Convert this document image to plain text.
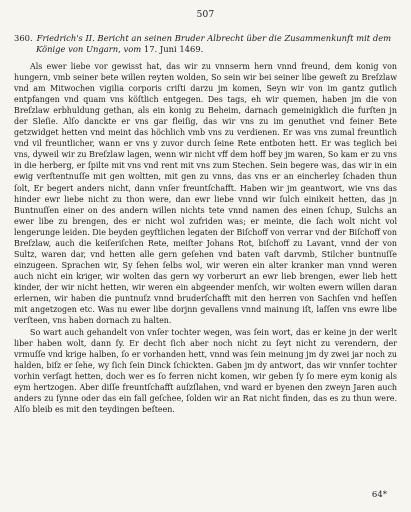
507
360. Friedrich's II. Bericht an seinen Bruder Albrecht über die Zusammenkunft mit dem
Könige von Ungarn, vom 17. Juni 1469.

Als ewer liebe vor gewisst hat, das wir zu vnnserm hern vnnd freund, dem konig von hungern, vmb seiner bete willen reyten wolden, So sein wir bei seiner libe geweſt zu Breſzlaw vnd am Mitwochen vigilia corporis criſti darzu jm komen, Seyn wir von im gantz gutlich entpfangen vnd quam vns köſtlich entgegen. Des tags, eh wir quemen, haben jm die von Breſzlaw erbhuldung gethan, als ein konig zu Beheim, darnach gemeinigklich die furſten jn der Sleſie. Alſo danckte er vns gar fleiſig, das wir vns zu im genuthet vnd feiner Bete getzwidget hetten vnd meint das höchlich vmb vns zu verdienen. Er was vns zumal freuntlich vnd vil freuntlicher, wann er vns y zuvor durch ſeine Rete entboten hett. Er was teglich bei vns, dyweil wir zu Breſzlaw lagen, wenn wir nicht vff dem hoff bey jm waren, So kam er zu vns in die herberg, er ſpilte mit vns vnd rent mit vns zum Stechen. Sein begere was, das wir in ein ewig verſtentnuſſe mit gen woltten, mit gen zu vnns, das vns er an eincherley ſchaden thun ſolt, Er begert anders nicht, dann vnſer freuntſchafft. Haben wir jm geantwort, wie vns das hinder ewr liebe nicht zu thon were, dan ewr liebe vnnd wir ſulch einikeit hetten, das jn Buntnuſſen einer on des andern willen nichts tete vnnd namen des einen ſchup, Sulchs an ewer libe zu brengen, des er nicht wol zufriden was; er meinte, die ſach wolt nicht vol lengerunge leiden. Die beyden geyſtlichen legaten der Biſchoff von verrar vnd der Biſchoff von Breſzlaw, auch die keiſeriſchen Rete, meiſter Johans Rot, biſchoff zu Lavant, vnnd der von Sultz, waren dar, vnd hetten alle gern geſehen vnd baten vaſt darvmb, Stilcher buntnuſſe einzugeen. Sprachen wir, Sy ſehen ſelbs wol, wir weren ein alter kranker man vnnd weren auch nicht ein kriger, wir wolten das gern wy vorberurt an ewr lieb brengen, ewer lieb hett kinder, der wir nicht hetten, wir weren ein abgeender menſch, wir wolten ewern willen daran erlernen, wir haben die puntnuſz vnnd bruderſchafft mit den herren von Sachſen vnd heſſen mit angetzogen etc. Was nu ewer libe dorjnn gevallens vnnd mainung iſt, laſſen vns ewre libe verſteen, vns haben dornach zu halten.

So wart auch gehandelt von vnſer tochter wegen, was ſein wort, das er keine jn der werlt liber haben wolt, dann ſy. Er decht ſich aber noch nicht zu ſeyt nicht zu verendern, der vrmuſſe vnd krige halben, ſo er vorhanden hett, vnnd was ſein meinung jm dy zwei jar noch zu halden, biſz er ſehe, wy ſich ſein Dinck ſchickten. Gaben jm dy antwort, das wir vnnſer tochter vorhin verſagt hetten, doch wer es ſo ferren nicht komen, wir geben ſy ſo mere eym konig als eym hertzogen. Aber diſſe freuntſchafft auſzſlahen, vnd ward er byenen den zweyn Jaren auch anders zu ſynne oder das ein fall geſchee, ſolden wir an Rat nicht finden, das es zu thun were. Alſo bleib es mit den teydingen beſteen.

64*
